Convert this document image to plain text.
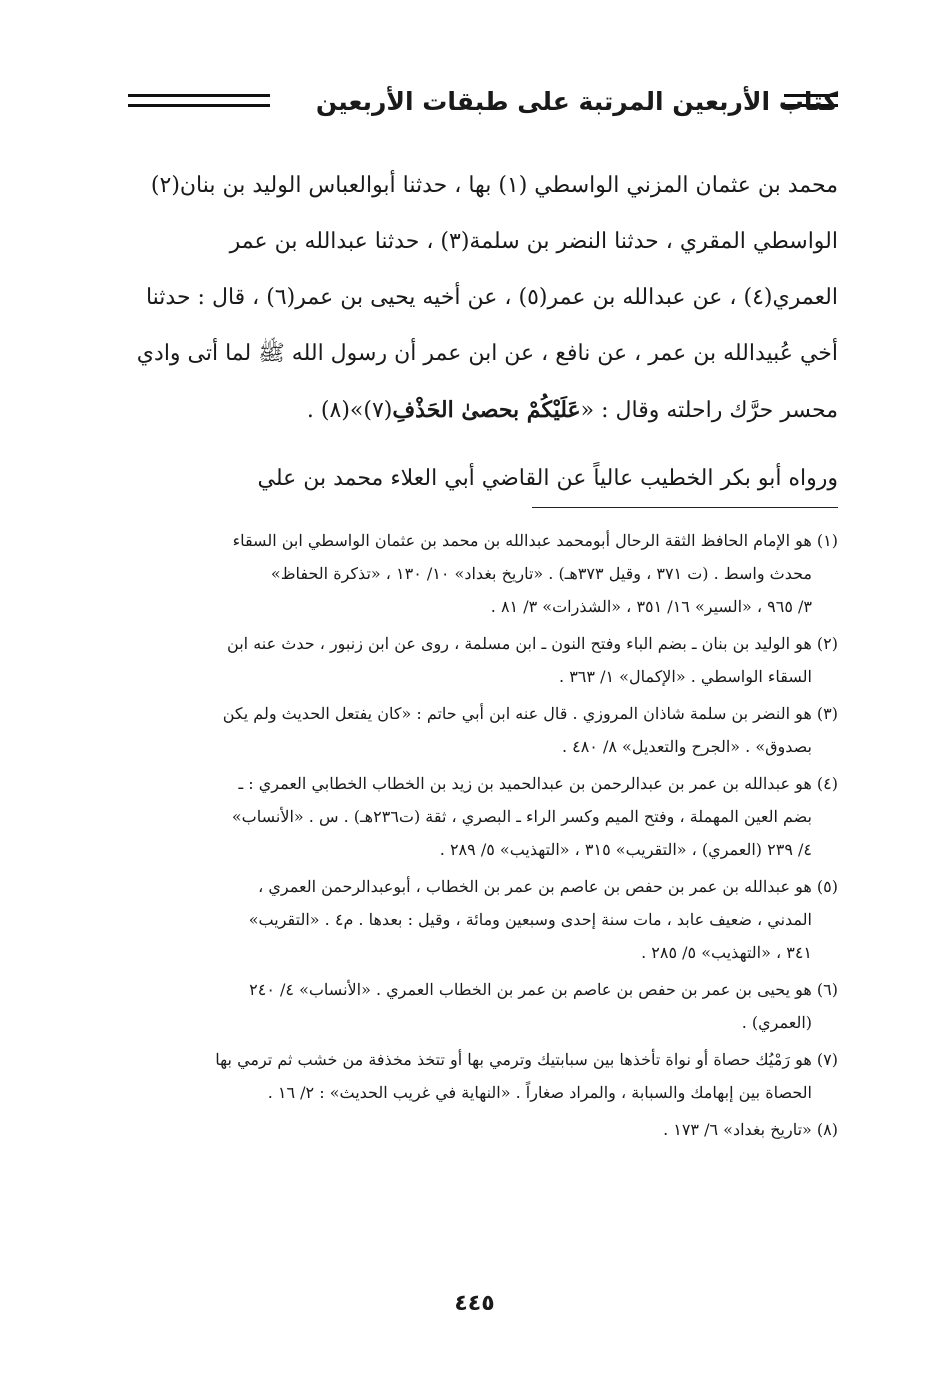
كتاب الأربعين المرتبة على طبقات الأربعين

محمد بن عثمان المزني الواسطي (١) بها ، حدثنا أبوالعباس الوليد بن بنان(٢)
الواسطي المقري ، حدثنا النضر بن سلمة(٣) ، حدثنا عبدالله بن عمر
العمري(٤) ، عن عبدالله بن عمر(٥) ، عن أخيه يحيى بن عمر(٦) ، قال : حدثنا
أخي عُبيدالله بن عمر ، عن نافع ، عن ابن عمر أن رسول الله ﷺ لما أتى وادي
محسر حرَّك راحلته وقال : «عَلَيْكُمْ بحصىٰ الحَذْفِ(٧)»(٨) .

ورواه أبو بكر الخطيب عالياً عن القاضي أبي العلاء محمد بن علي

(١) هو الإمام الحافظ الثقة الرحال أبومحمد عبدالله بن محمد بن عثمان الواسطي ابن السقاء
محدث واسط . (ت ٣٧١ ، وقيل ٣٧٣هـ) . «تاريخ بغداد» ١٠/ ١٣٠ ، «تذكرة الحفاظ»
٣/ ٩٦٥ ، «السير» ١٦/ ٣٥١ ، «الشذرات» ٣/ ٨١ .
(٢) هو الوليد بن بنان ـ بضم الباء وفتح النون ـ ابن مسلمة ، روى عن ابن زنبور ، حدث عنه ابن
السقاء الواسطي . «الإكمال» ١/ ٣٦٣ .
(٣) هو النضر بن سلمة شاذان المروزي . قال عنه ابن أبي حاتم : «كان يفتعل الحديث ولم يكن
بصدوق» . «الجرح والتعديل» ٨/ ٤٨٠ .
(٤) هو عبدالله بن عمر بن عبدالرحمن بن عبدالحميد بن زيد بن الخطاب الخطابي العمري : ـ
بضم العين المهملة ، وفتح الميم وكسر الراء ـ البصري ، ثقة (ت٢٣٦هـ) . س . «الأنساب»
٤/ ٢٣٩ (العمري) ، «التقريب» ٣١٥ ، «التهذيب» ٥/ ٢٨٩ .
(٥) هو عبدالله بن عمر بن حفص بن عاصم بن عمر بن الخطاب ، أبوعبدالرحمن العمري ،
المدني ، ضعيف عابد ، مات سنة إحدى وسبعين ومائة ، وقيل : بعدها . م٤ . «التقريب»
٣٤١ ، «التهذيب» ٥/ ٢٨٥ .
(٦) هو يحيى بن عمر بن حفص بن عاصم بن عمر بن الخطاب العمري . «الأنساب» ٤/ ٢٤٠
(العمري) .
(٧) هو رَمْيُك حصاة أو نواة تأخذها بين سبابتيك وترمي بها أو تتخذ مخذفة من خشب ثم ترمي بها
الحصاة بين إبهامك والسبابة ، والمراد صغاراً . «النهاية في غريب الحديث» : ٢/ ١٦ .
(٨) «تاريخ بغداد» ٦/ ١٧٣ .
٤٤٥
